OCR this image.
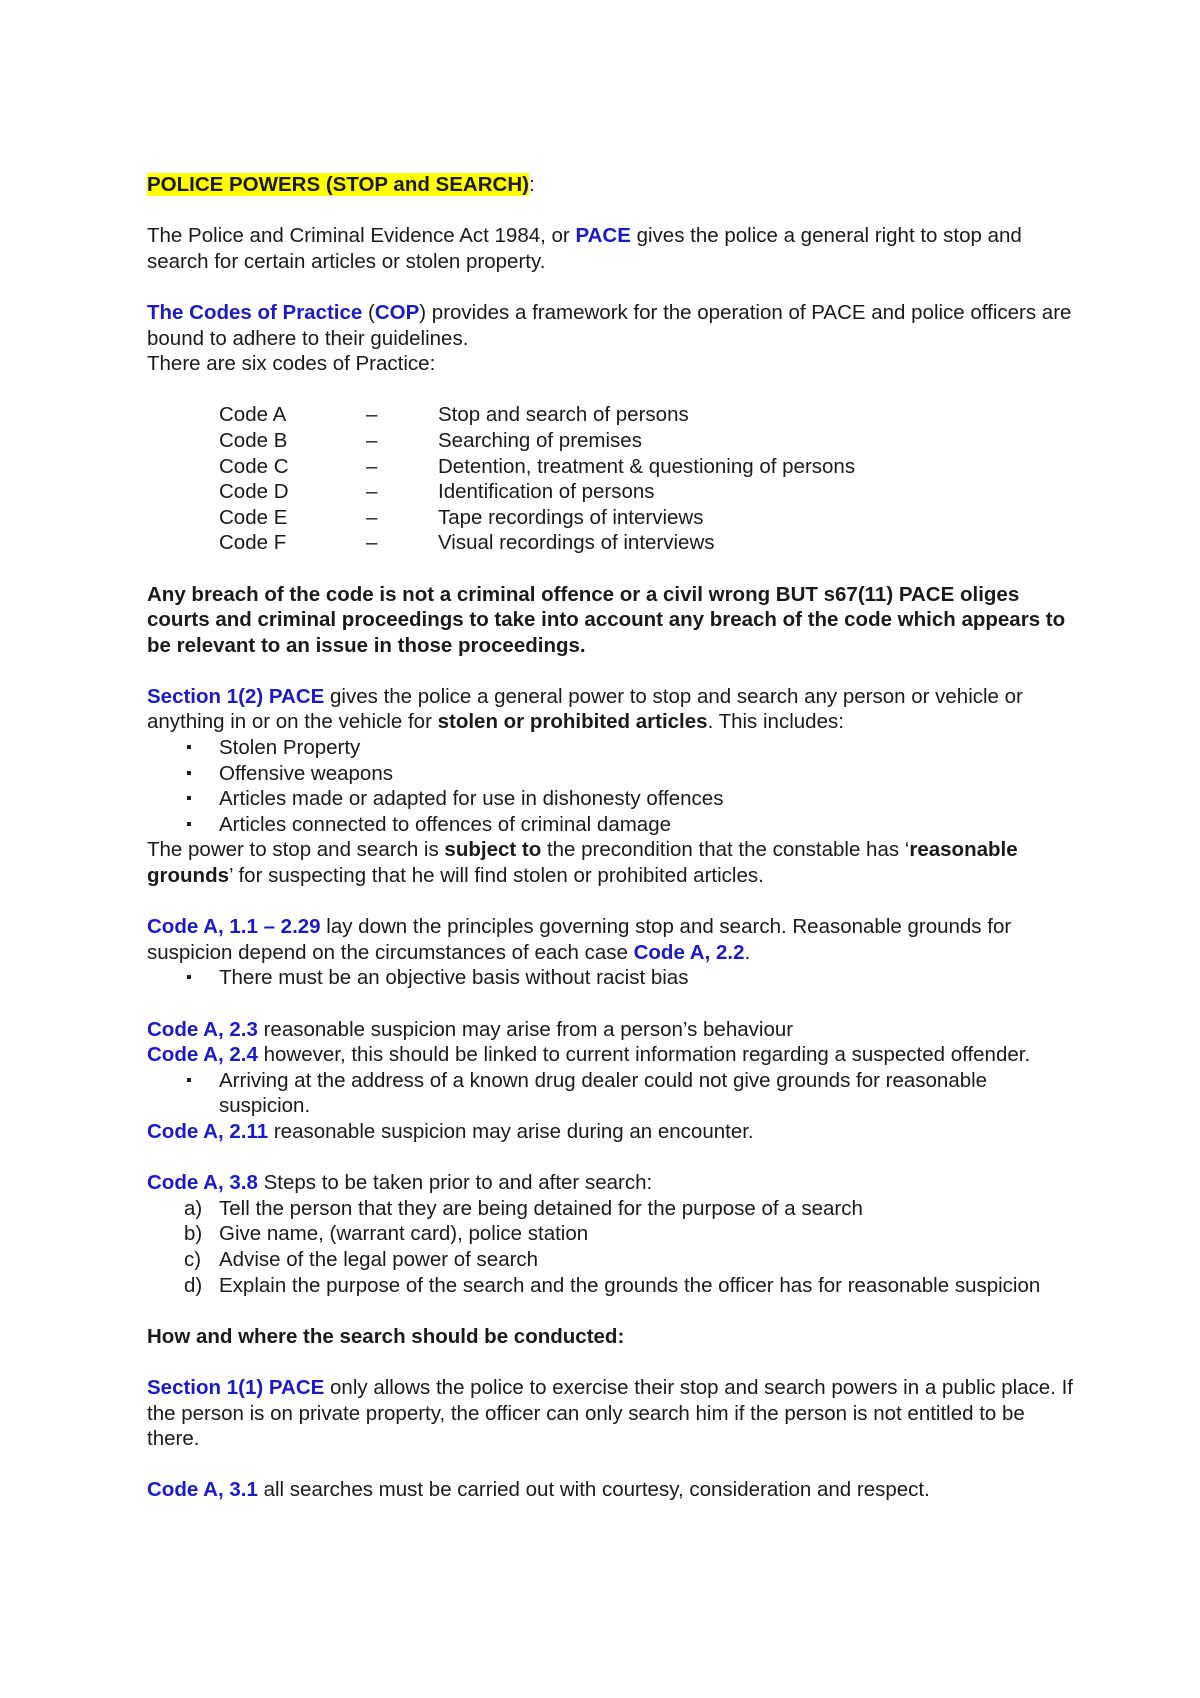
POLICE POWERS (STOP and SEARCH):

The Police and Criminal Evidence Act 1984, or PACE gives the police a general right to stop and search for certain articles or stolen property.

The Codes of Practice (COP) provides a framework for the operation of PACE and police officers are bound to adhere to their guidelines.

There are six codes of Practice:

Code A	–	Stop and search of persons
Code B	–	Searching of premises
Code C	–	Detention, treatment & questioning of persons
Code D	–	Identification of persons
Code E	–	Tape recordings of interviews
Code F	–	Visual recordings of interviews

Any breach of the code is not a criminal offence or a civil wrong BUT s67(11) PACE oliges courts and criminal proceedings to take into account any breach of the code which appears to be relevant to an issue in those proceedings.

Section 1(2) PACE gives the police a general power to stop and search any person or vehicle or anything in or on the vehicle for stolen or prohibited articles. This includes:

▪ Stolen Property
▪ Offensive weapons
▪ Articles made or adapted for use in dishonesty offences
▪ Articles connected to offences of criminal damage

The power to stop and search is subject to the precondition that the constable has ‘reasonable grounds’ for suspecting that he will find stolen or prohibited articles.

Code A, 1.1 – 2.29 lay down the principles governing stop and search. Reasonable grounds for suspicion depend on the circumstances of each case Code A, 2.2.

▪ There must be an objective basis without racist bias

Code A, 2.3 reasonable suspicion may arise from a person’s behaviour

Code A, 2.4 however, this should be linked to current information regarding a suspected offender.

▪ Arriving at the address of a known drug dealer could not give grounds for reasonable suspicion.

Code A, 2.11 reasonable suspicion may arise during an encounter.

Code A, 3.8 Steps to be taken prior to and after search:

a) Tell the person that they are being detained for the purpose of a search
b) Give name, (warrant card), police station
c) Advise of the legal power of search
d) Explain the purpose of the search and the grounds the officer has for reasonable suspicion

How and where the search should be conducted:

Section 1(1) PACE only allows the police to exercise their stop and search powers in a public place. If the person is on private property, the officer can only search him if the person is not entitled to be there.

Code A, 3.1 all searches must be carried out with courtesy, consideration and respect.
